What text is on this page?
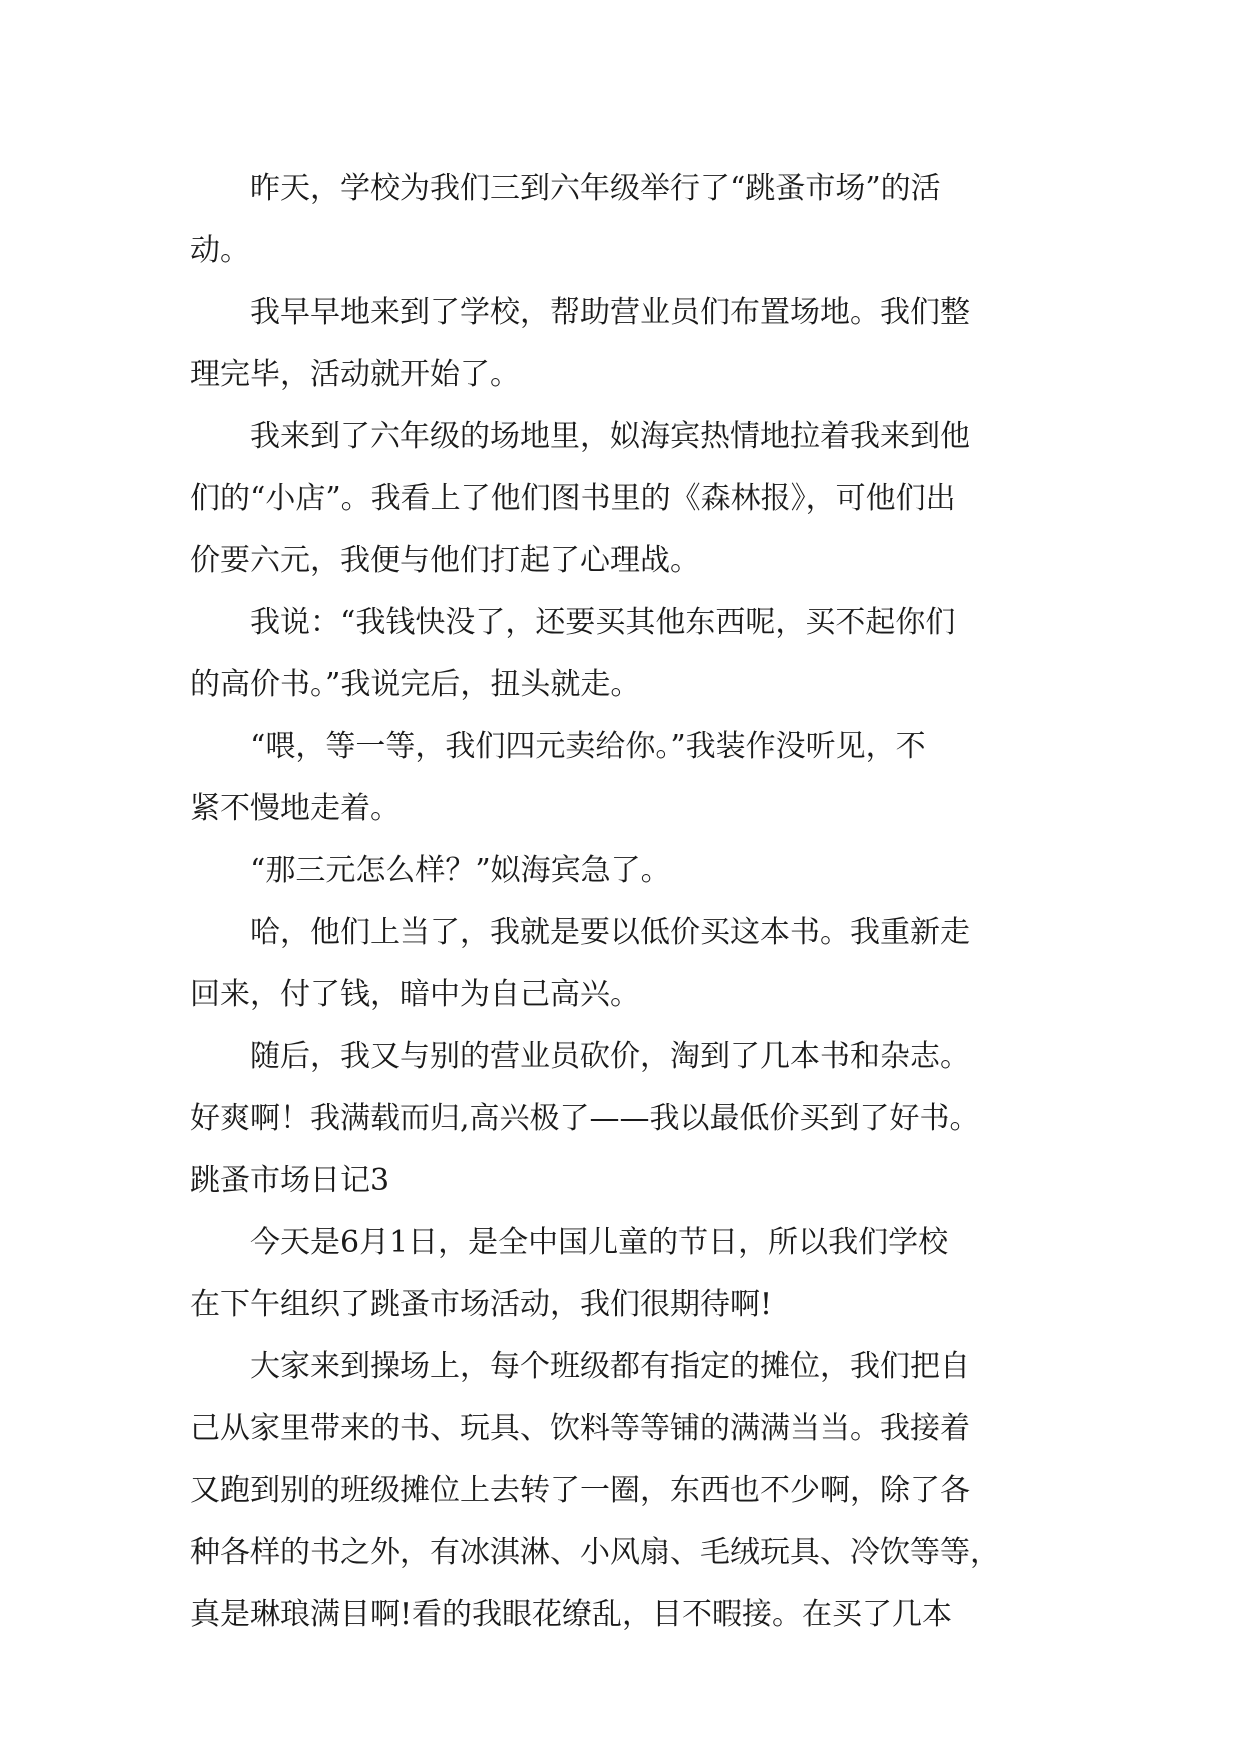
昨天，学校为我们三到六年级举行了“跳蚤市场”的活
动。

我早早地来到了学校，帮助营业员们布置场地。我们整
理完毕，活动就开始了。

我来到了六年级的场地里，姒海宾热情地拉着我来到他
们的“小店”。我看上了他们图书里的《森林报》，可他们出
价要六元，我便与他们打起了心理战。

我说：“我钱快没了，还要买其他东西呢，买不起你们
的高价书。”我说完后，扭头就走。

“喂，等一等，我们四元卖给你。”我装作没听见，不
紧不慢地走着。

“那三元怎么样？”姒海宾急了。

哈，他们上当了，我就是要以低价买这本书。我重新走
回来，付了钱，暗中为自己高兴。

随后，我又与别的营业员砍价，淘到了几本书和杂志。
好爽啊！我满载而归,高兴极了——我以最低价买到了好书。

跳蚤市场日记3

今天是6月1日，是全中国儿童的节日，所以我们学校
在下午组织了跳蚤市场活动，我们很期待啊!

大家来到操场上，每个班级都有指定的摊位，我们把自
己从家里带来的书、玩具、饮料等等铺的满满当当。我接着
又跑到别的班级摊位上去转了一圈，东西也不少啊，除了各
种各样的书之外，有冰淇淋、小风扇、毛绒玩具、冷饮等等，
真是琳琅满目啊!看的我眼花缭乱，目不暇接。在买了几本
